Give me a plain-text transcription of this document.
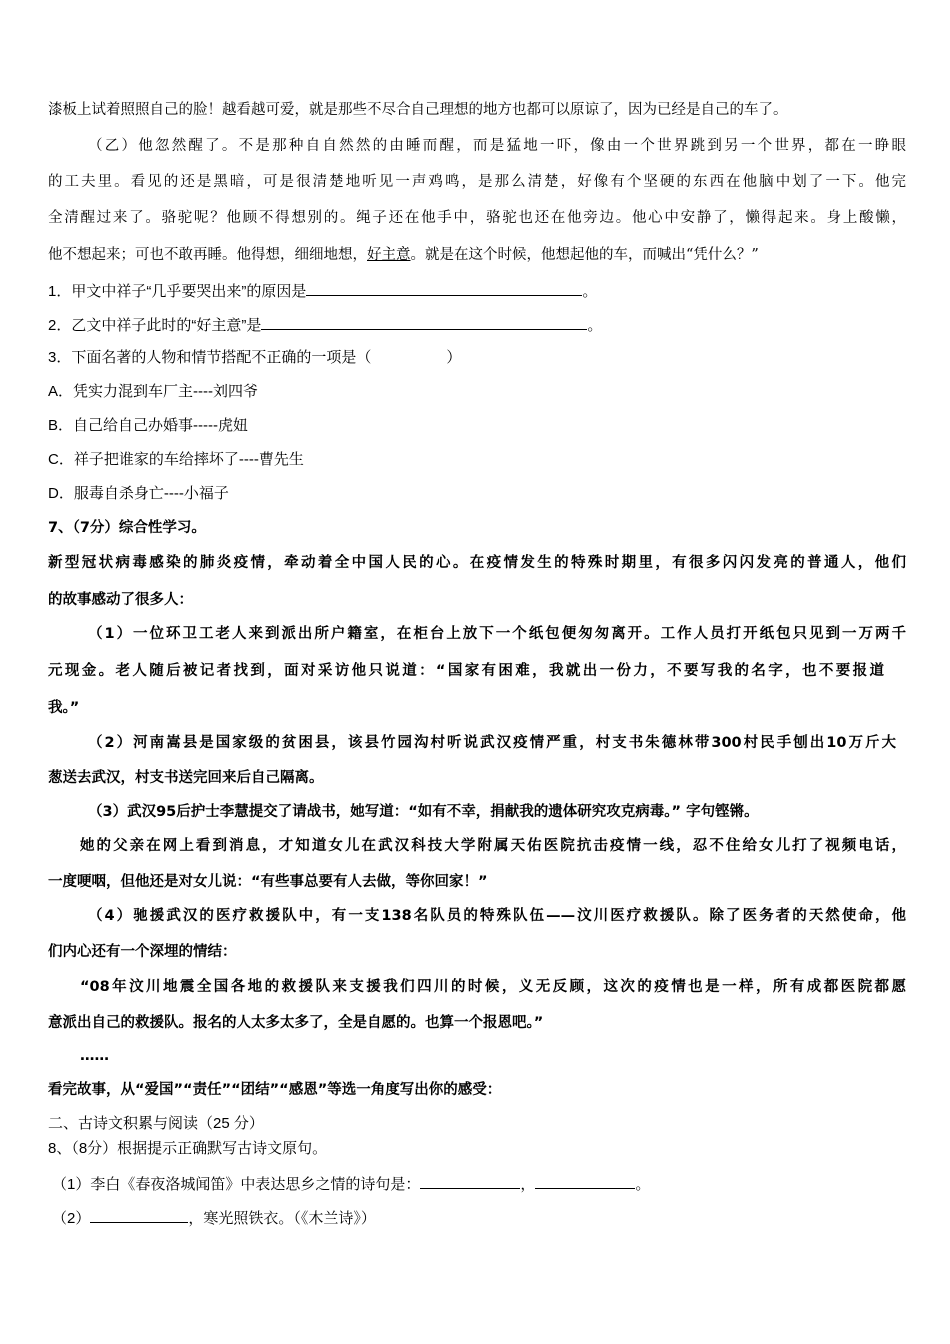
漆板上试着照照自己的脸！越看越可爱，就是那些不尽合自己理想的地方也都可以原谅了，因为已经是自己的车了。
（乙）他忽然醒了。不是那种自自然然的由睡而醒，而是猛地一吓，像由一个世界跳到另一个世界，都在一睁眼
的工夫里。看见的还是黑暗，可是很清楚地听见一声鸡鸣，是那么清楚，好像有个坚硬的东西在他脑中划了一下。他完
全清醒过来了。骆驼呢？他顾不得想别的。绳子还在他手中，骆驼也还在他旁边。他心中安静了，懒得起来。身上酸懒，
他不想起来；可也不敢再睡。他得想，细细地想，好主意。就是在这个时候，他想起他的车，而喊出“凭什么？”
1．甲文中祥子“几乎要哭出来”的原因是	。
2．乙文中祥子此时的“好主意”是	。
3．下面名著的人物和情节搭配不正确的一项是（　　　　　）
A．凭实力混到车厂主----刘四爷
B．自己给自己办婚事-----虎妞
C．祥子把谁家的车给摔坏了----曹先生
D．服毒自杀身亡----小福子
7、（7分）综合性学习。
新型冠状病毒感染的肺炎疫情，牵动着全中国人民的心。在疫情发生的特殊时期里，有很多闪闪发亮的普通人，他们
的故事感动了很多人：
（1）一位环卫工老人来到派出所户籍室，在柜台上放下一个纸包便匆匆离开。工作人员打开纸包只见到一万两千
元现金。老人随后被记者找到，面对采访他只说道：“国家有困难，我就出一份力，不要写我的名字，也不要报道
我。”
（2）河南嵩县是国家级的贫困县，该县竹园沟村听说武汉疫情严重，村支书朱德林带300村民手刨出10万斤大
葱送去武汉，村支书送完回来后自己隔离。
（3）武汉95后护士李慧提交了请战书，她写道：“如有不幸，捐献我的遗体研究攻克病毒。” 字句铿锵。
她的父亲在网上看到消息，才知道女儿在武汉科技大学附属天佑医院抗击疫情一线，忍不住给女儿打了视频电话，
一度哽咽，但他还是对女儿说：“有些事总要有人去做，等你回家！”
（4）驰援武汉的医疗救援队中，有一支138名队员的特殊队伍——汶川医疗救援队。除了医务者的天然使命，他
们内心还有一个深埋的情结：
“08年汶川地震全国各地的救援队来支援我们四川的时候，义无反顾，这次的疫情也是一样，所有成都医院都愿
意派出自己的救援队。报名的人太多太多了，全是自愿的。也算一个报恩吧。”
……
看完故事，从“爱国”“责任”“团结”“感恩”等选一角度写出你的感受：
二、古诗文积累与阅读（25 分）
8、（8分）根据提示正确默写古诗文原句。
（1）李白《春夜洛城闻笛》中表达思乡之情的诗句是：	，	。
（2）	，寒光照铁衣。（《木兰诗》）
